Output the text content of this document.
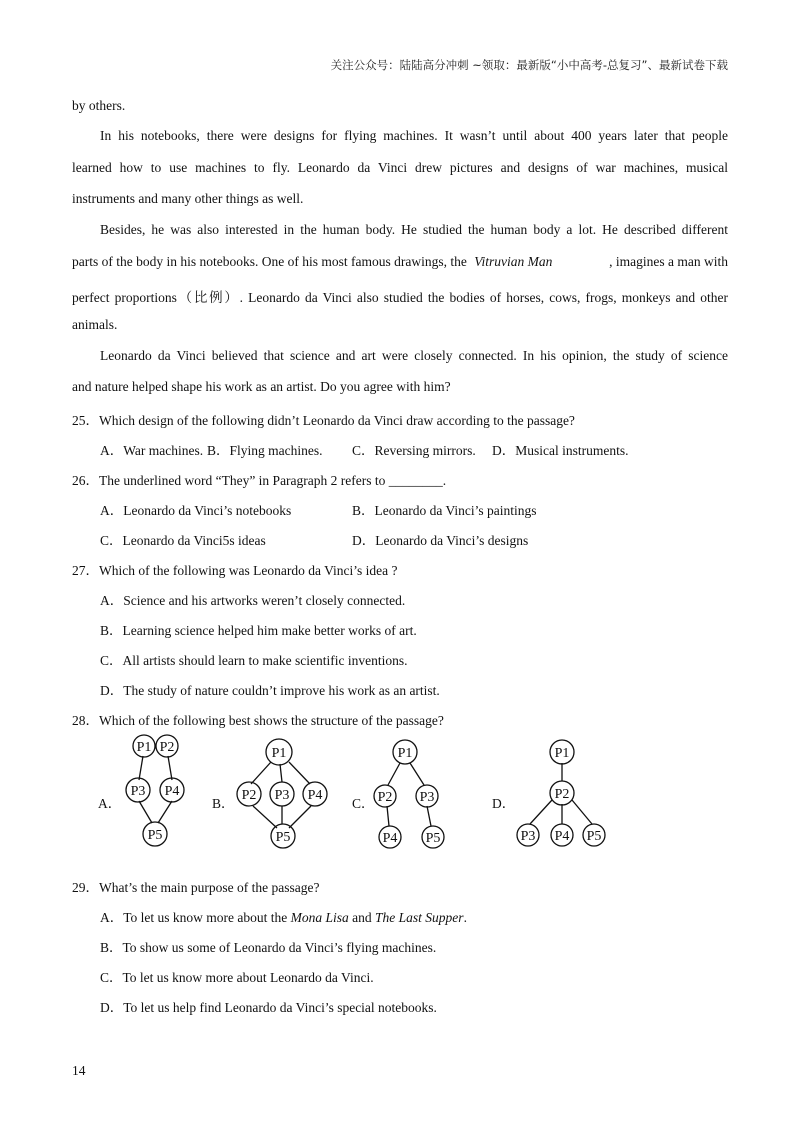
关注公众号：陆陆高分冲刺 ~领取：最新版“小中高考-总复习”、最新试卷下载
by others.
In his notebooks, there were designs for flying machines. It wasn’t until about 400 years later that people
learned how to use machines to fly. Leonardo da Vinci drew pictures and designs of war machines, musical
instruments and many other things as well.
Besides, he was also interested in the human body. He studied the human body a lot. He described different
parts of the body in his notebooks. One of his most famous drawings, the Vitruvian Man	, imagines a man with
perfect proportions（比例）. Leonardo da Vinci also studied the bodies of horses, cows, frogs, monkeys and other
animals.
Leonardo da Vinci believed that science and art were closely connected. In his opinion, the study of science
and nature helped shape his work as an artist. Do you agree with him?
25．Which design of the following didn’t Leonardo da Vinci draw according to the passage?
A．War machines. B．Flying machines. C．Reversing mirrors. D．Musical instruments.
26．The underlined word “They” in Paragraph 2 refers to ________.
A．Leonardo da Vinci’s notebooks	B．Leonardo da Vinci’s paintings
C．Leonardo da Vinci5s ideas	D．Leonardo da Vinci’s designs
27．Which of the following was Leonardo da Vinci’s idea ?
A．Science and his artworks weren’t closely connected.
B．Learning science helped him make better works of art.
C．All artists should learn to make scientific inventions.
D．The study of nature couldn’t improve his work as an artist.
28．Which of the following best shows the structure of the passage?
A．	B．	C．	D．
P1 P2
P3 P4
P5
P1
P2 P3 P4
P5
P1
P2 P3
P4 P5
P1
P2
P3 P4 P5
29．What’s the main purpose of the passage?
A．To let us know more about the Mona Lisa and The Last Supper.
B．To show us some of Leonardo da Vinci’s flying machines.
C．To let us know more about Leonardo da Vinci.
D．To let us help find Leonardo da Vinci’s special notebooks.
14
